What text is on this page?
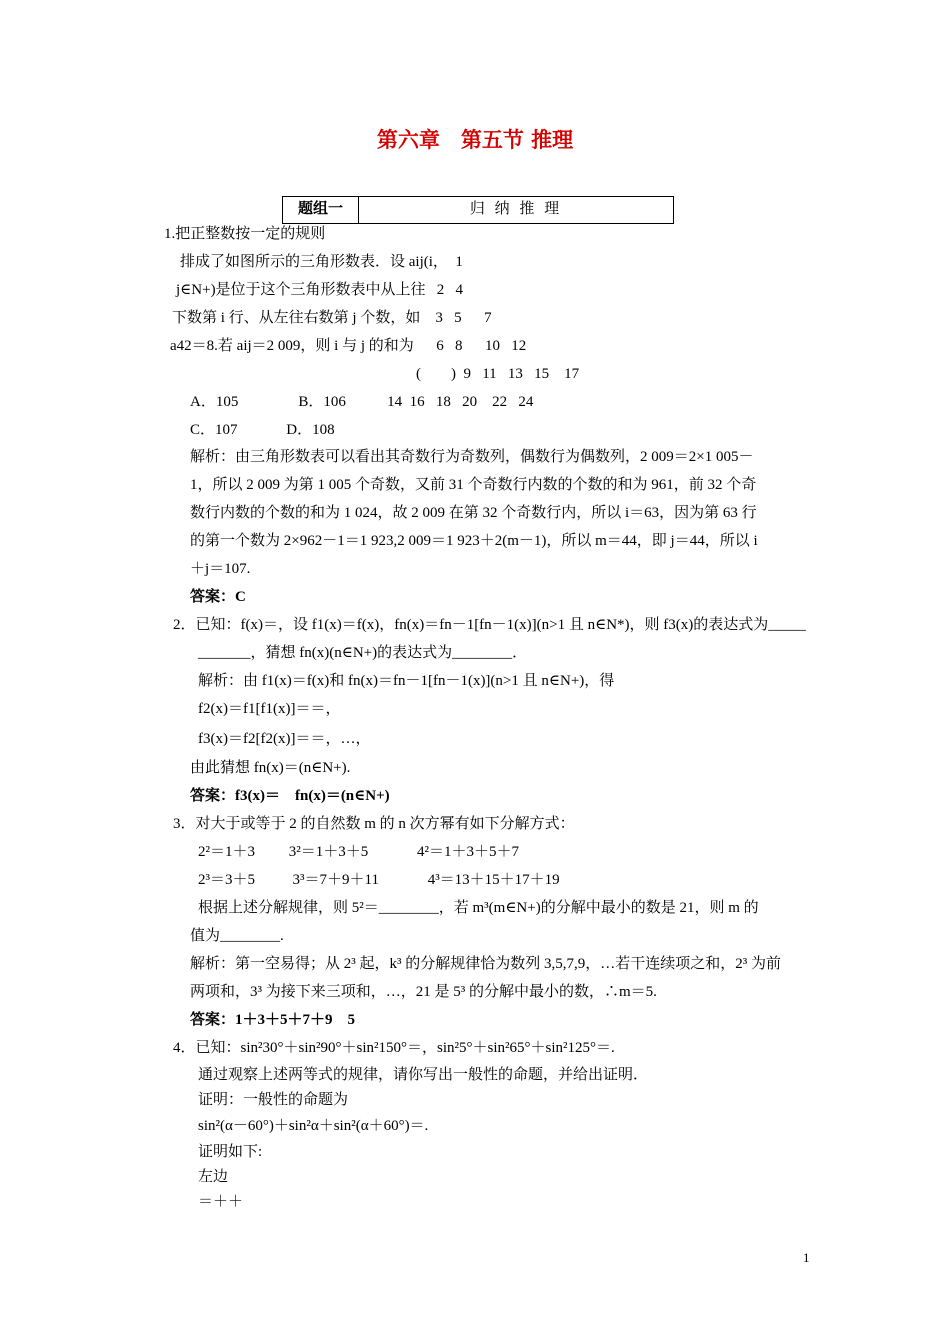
第六章　第五节 推理
题组一	归 纳 推 理
1.把正整数按一定的规则
排成了如图所示的三角形数表．设 aij(i，  1
j∈N+)是位于这个三角形数表中从上往   2   4
下数第 i 行、从左往右数第 j 个数，如    3   5      7
a42＝8.若 aij＝2 009，则 i 与 j 的和为      6   8      10   12
(        )  9   11   13   15    17
A．105                B．106           14  16   18   20    22   24
C．107             D．108
解析：由三角形数表可以看出其奇数行为奇数列，偶数行为偶数列，2 009＝2×1 005－
1，所以 2 009 为第 1 005 个奇数，又前 31 个奇数行内数的个数的和为 961，前 32 个奇
数行内数的个数的和为 1 024，故 2 009 在第 32 个奇数行内，所以 i＝63，因为第 63 行
的第一个数为 2×962－1＝1 923,2 009＝1 923＋2(m－1)，所以 m＝44，即 j＝44，所以 i
＋j＝107.
答案：C
2．已知：f(x)＝，设 f1(x)＝f(x)，fn(x)＝fn－1[fn－1(x)](n>1 且 n∈N*)，则 f3(x)的表达式为_____
_______，猜想 fn(x)(n∈N+)的表达式为________．
解析：由 f1(x)＝f(x)和 fn(x)＝fn－1[fn－1(x)](n>1 且 n∈N+)，得
f2(x)＝f1[f1(x)]＝＝，
f3(x)＝f2[f2(x)]＝＝，…，
由此猜想 fn(x)＝(n∈N+).
答案：f3(x)＝    fn(x)＝(n∈N+)
3．对大于或等于 2 的自然数 m 的 n 次方幂有如下分解方式：
2²＝1＋3         3²＝1＋3＋5             4²＝1＋3＋5＋7
2³＝3＋5          3³＝7＋9＋11             4³＝13＋15＋17＋19
根据上述分解规律，则 5²＝________，若 m³(m∈N+)的分解中最小的数是 21，则 m 的
值为________.
解析：第一空易得；从 2³ 起，k³ 的分解规律恰为数列 3,5,7,9，…若干连续项之和，2³ 为前
两项和，3³ 为接下来三项和，…，21 是 5³ 的分解中最小的数，∴m＝5.
答案：1＋3＋5＋7＋9    5
4．已知：sin²30°＋sin²90°＋sin²150°＝，sin²5°＋sin²65°＋sin²125°＝.
通过观察上述两等式的规律，请你写出一般性的命题，并给出证明．
证明：一般性的命题为
sin²(α－60°)＋sin²α＋sin²(α＋60°)＝.
证明如下:
左边
＝＋＋
1
